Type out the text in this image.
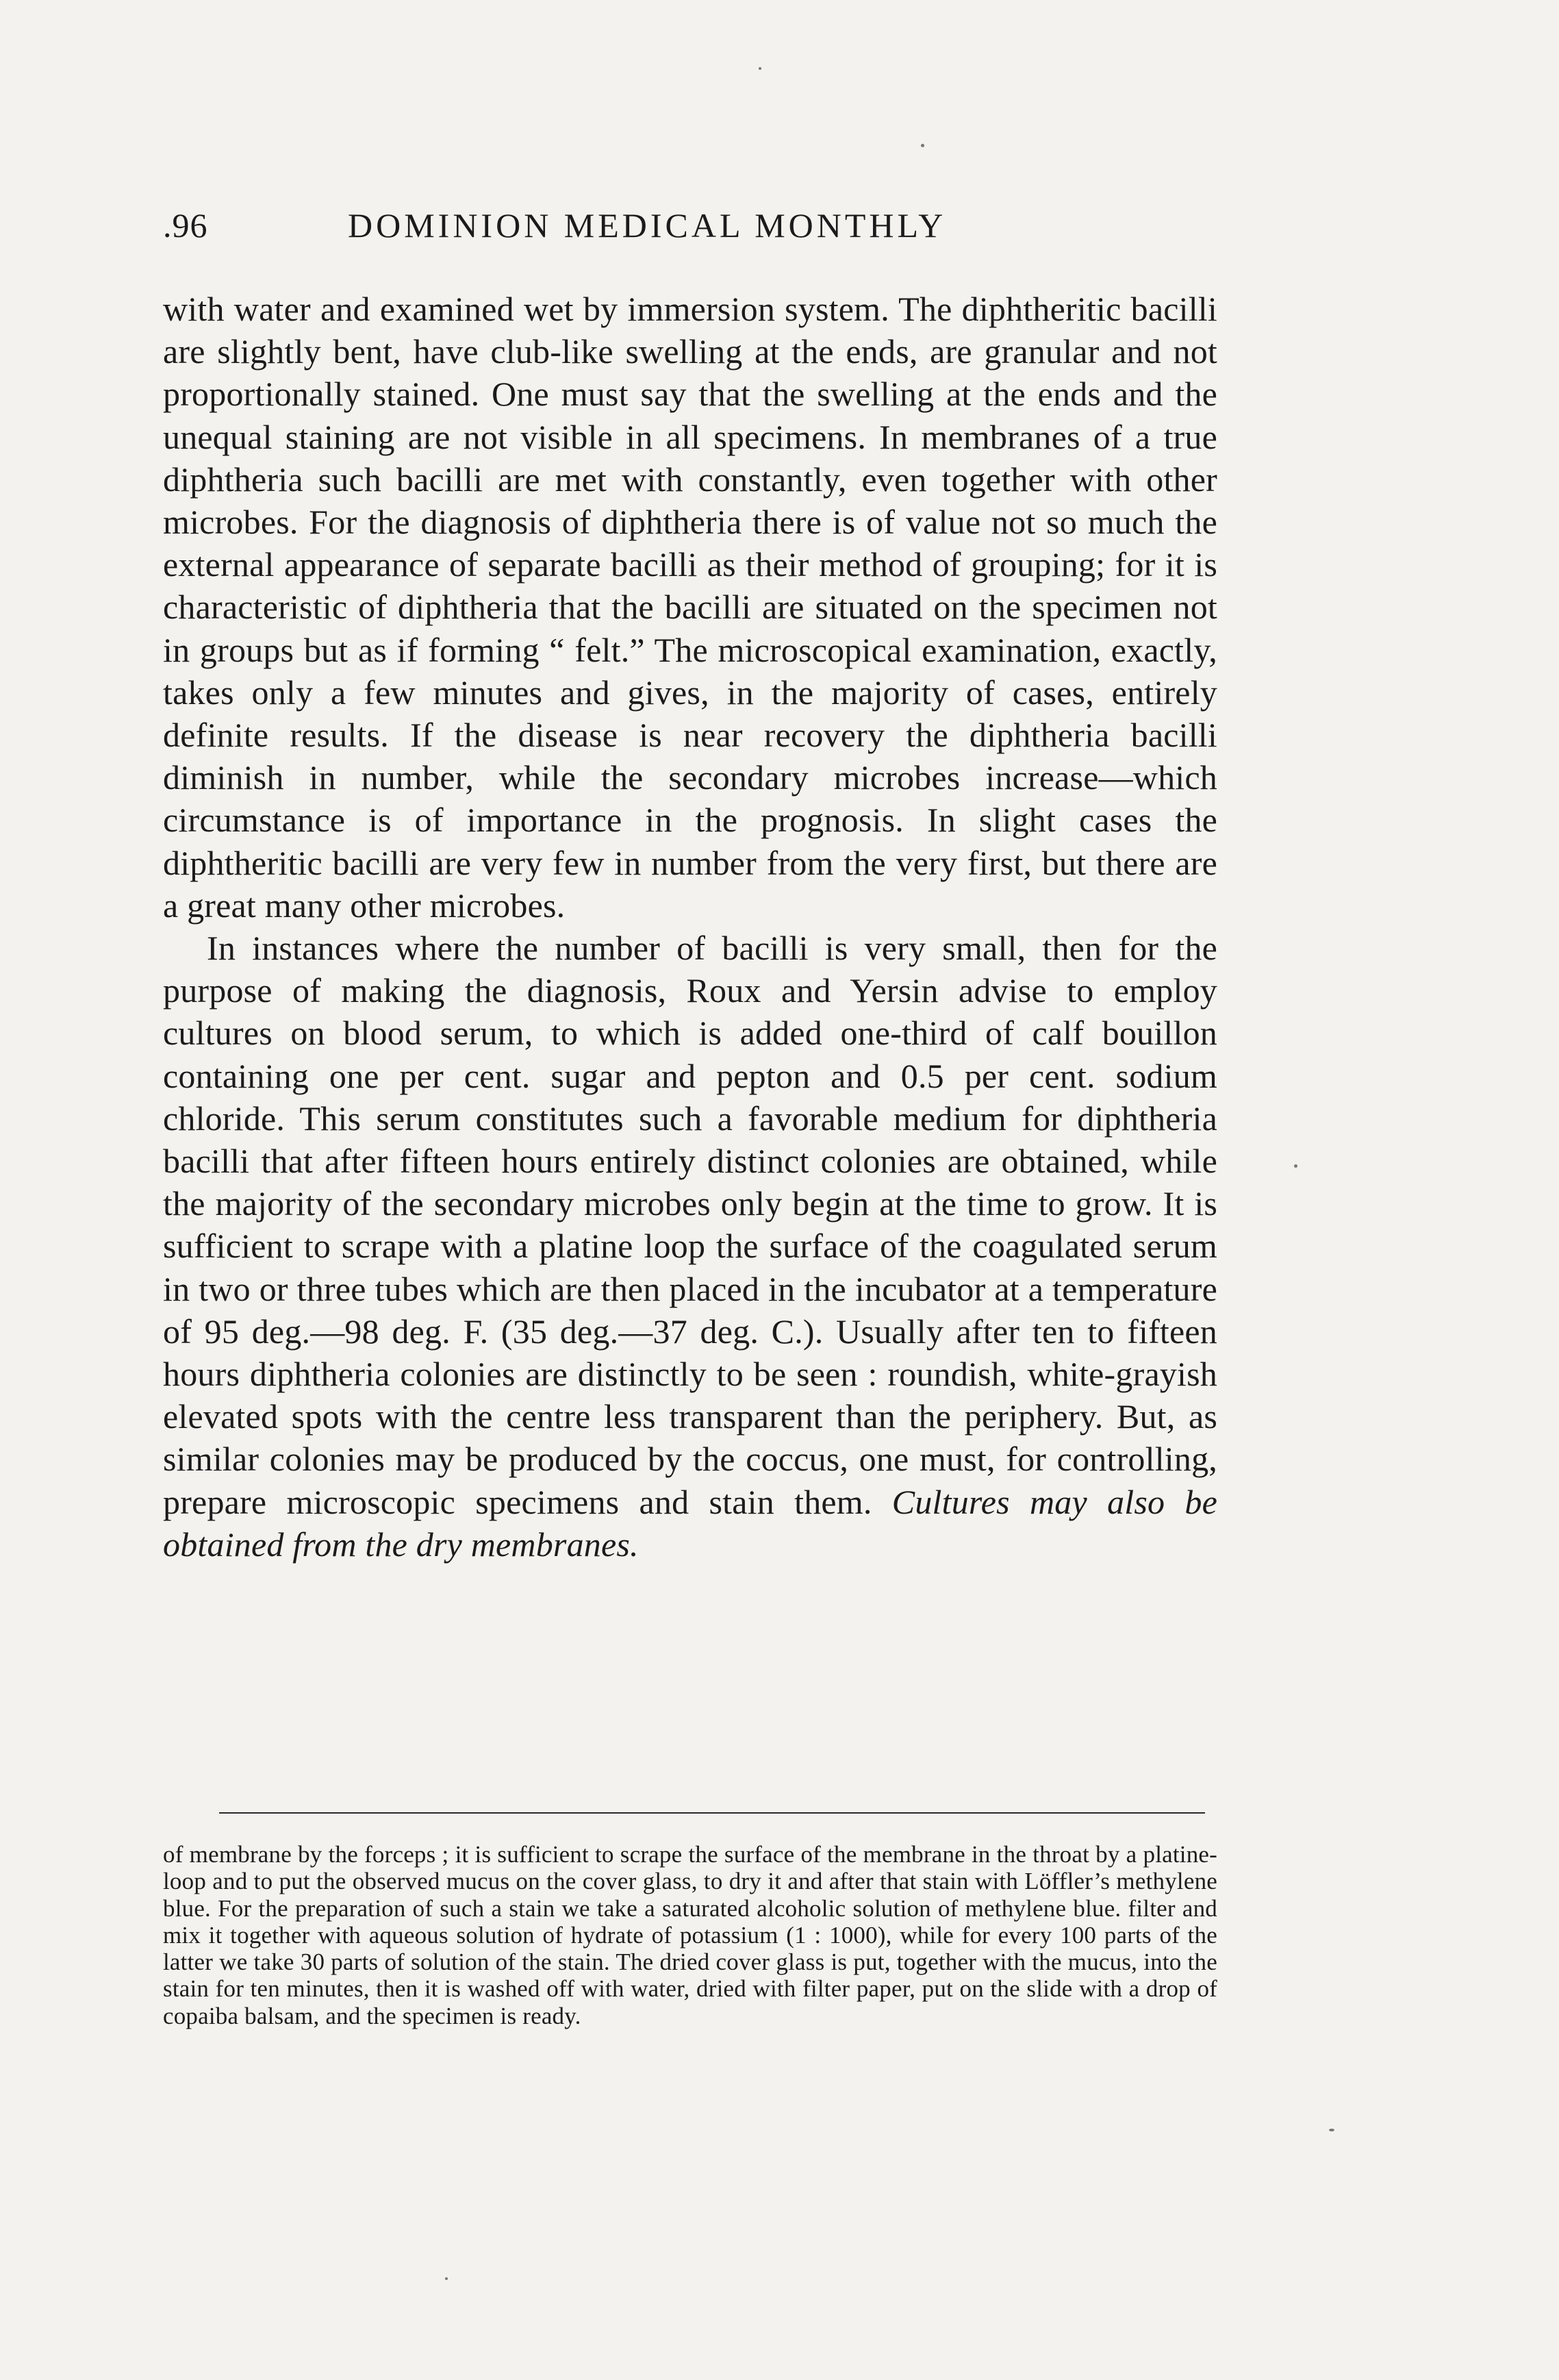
.96	DOMINION MEDICAL MONTHLY

with water and examined wet by immersion system. The diphtheritic bacilli are slightly bent, have club-like swelling at the ends, are granular and not proportionally stained. One must say that the swelling at the ends and the unequal staining are not visible in all specimens. In membranes of a true diphtheria such bacilli are met with constantly, even together with other microbes. For the diagnosis of diphtheria there is of value not so much the external appearance of separate bacilli as their method of grouping; for it is characteristic of diphtheria that the bacilli are situated on the specimen not in groups but as if forming “ felt.” The microscopical examination, exactly, takes only a few minutes and gives, in the majority of cases, entirely definite results. If the disease is near recovery the diphtheria bacilli diminish in number, while the secondary microbes increase—which circumstance is of importance in the prognosis. In slight cases the diphtheritic bacilli are very few in number from the very first, but there are a great many other microbes.

In instances where the number of bacilli is very small, then for the purpose of making the diagnosis, Roux and Yersin advise to employ cultures on blood serum, to which is added one-third of calf bouillon containing one per cent. sugar and pepton and 0.5 per cent. sodium chloride. This serum constitutes such a favorable medium for diphtheria bacilli that after fifteen hours entirely distinct colonies are obtained, while the majority of the secondary microbes only begin at the time to grow. It is sufficient to scrape with a platine loop the surface of the coagulated serum in two or three tubes which are then placed in the incubator at a temperature of 95 deg.—98 deg. F. (35 deg.—37 deg. C.). Usually after ten to fifteen hours diphtheria colonies are distinctly to be seen : roundish, white-grayish elevated spots with the centre less transparent than the periphery. But, as similar colonies may be produced by the coccus, one must, for controlling, prepare microscopic specimens and stain them. Cultures may also be obtained from the dry membranes.

of membrane by the forceps ; it is sufficient to scrape the surface of the membrane in the throat by a platine-loop and to put the observed mucus on the cover glass, to dry it and after that stain with Löffler’s methylene blue. For the preparation of such a stain we take a saturated alcoholic solution of methylene blue. filter and mix it together with aqueous solution of hydrate of potassium (1 : 1000), while for every 100 parts of the latter we take 30 parts of solution of the stain. The dried cover glass is put, together with the mucus, into the stain for ten minutes, then it is washed off with water, dried with filter paper, put on the slide with a drop of copaiba balsam, and the specimen is ready.
